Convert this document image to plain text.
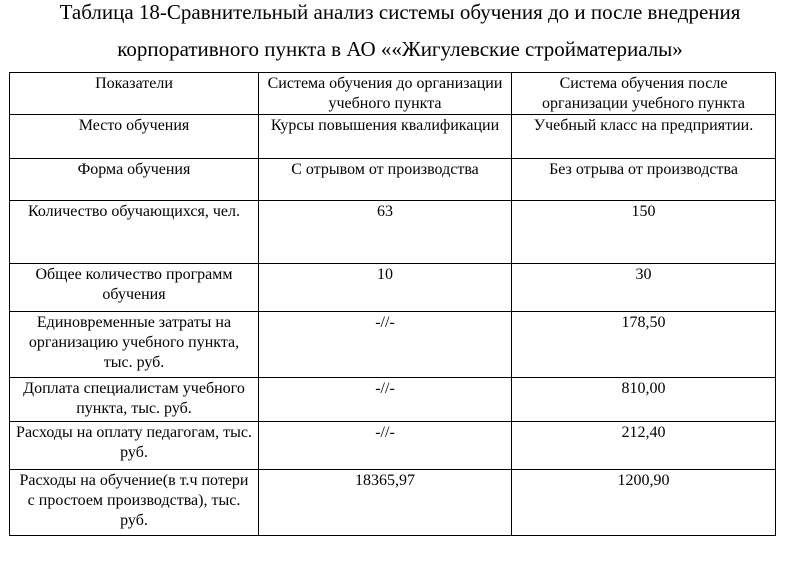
Таблица 18-Сравнительный анализ системы обучения до и после внедрения
корпоративного пункта в АО ««Жигулевские стройматериалы»
Показатели	Система обучения до организации учебного пункта	Система обучения после организации учебного пункта
Место обучения	Курсы повышения квалификации	Учебный класс на предприятии.
Форма обучения	С отрывом от производства	Без отрыва от производства
Количество обучающихся, чел.	63	150
Общее количество программ обучения	10	30
Единовременные затраты на организацию учебного пункта, тыс. руб.	-//-	178,50
Доплата специалистам учебного пункта, тыс. руб.	-//-	810,00
Расходы на оплату педагогам, тыс. руб.	-//-	212,40
Расходы на обучение(в т.ч потери с простоем производства), тыс. руб.	18365,97	1200,90
